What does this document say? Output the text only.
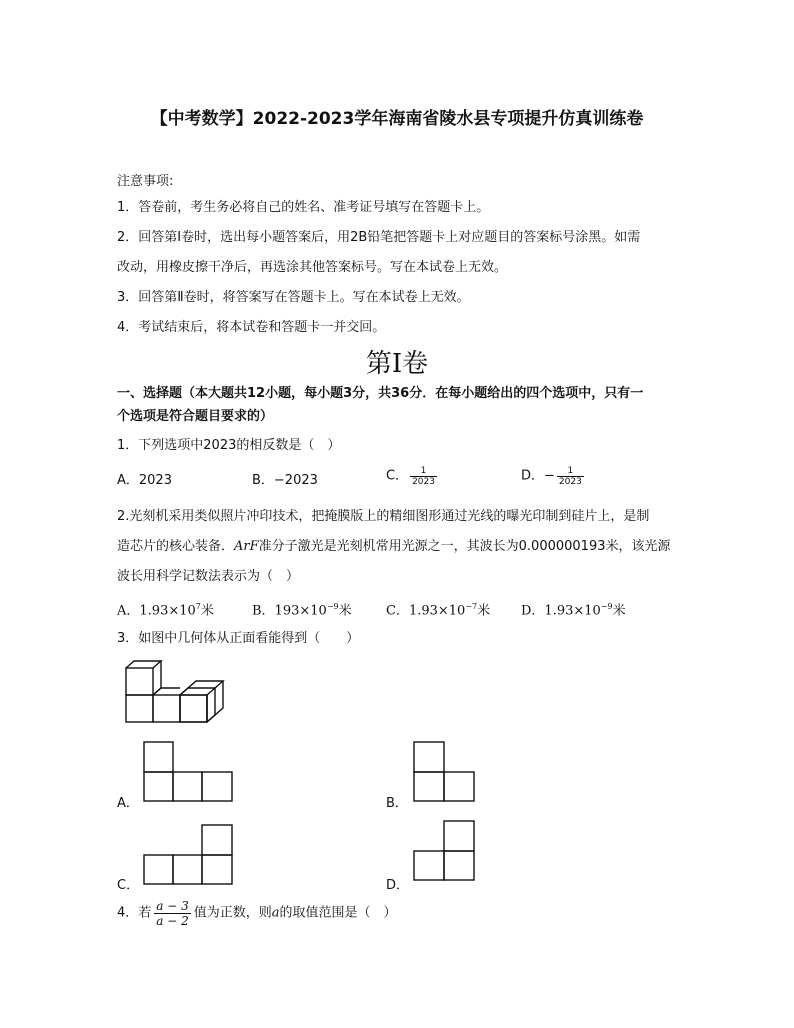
【中考数学】2022-2023学年海南省陵水县专项提升仿真训练卷
注意事项:
1．答卷前，考生务必将自己的姓名、准考证号填写在答题卡上。
2．回答第Ⅰ卷时，选出每小题答案后，用2B铅笔把答题卡上对应题目的答案标号涂黑。如需
改动，用橡皮擦干净后，再选涂其他答案标号。写在本试卷上无效。
3．回答第Ⅱ卷时，将答案写在答题卡上。写在本试卷上无效。
4．考试结束后，将本试卷和答题卡一并交回。
第Ⅰ卷
一、选择题（本大题共12小题，每小题3分，共36分．在每小题给出的四个选项中，只有一
个选项是符合题目要求的）
1．下列选项中2023的相反数是（　）
A．2023	B．−2023	C． $\frac{1}{2023}$	D．− $\frac{1}{2023}$
2.光刻机采用类似照片冲印技术，把掩膜版上的精细图形通过光线的曝光印制到硅片上，是制
造芯片的核心装备．ArF准分子激光是光刻机常用光源之一，其波长为0.000000193米，该光源
波长用科学记数法表示为（　）
A．$1.93\times 10^7$米	B．$193\times 10^{-9}$米	C．$1.93\times 10^{-7}$米 D．$1.93\times 10^{-9}$米
3．如图中几何体从正面看能得到（　　）
A．	B．
C．	D．
4．若 $\frac{a - 3}{a - 2}$ 值为正数，则a的取值范围是（　）
